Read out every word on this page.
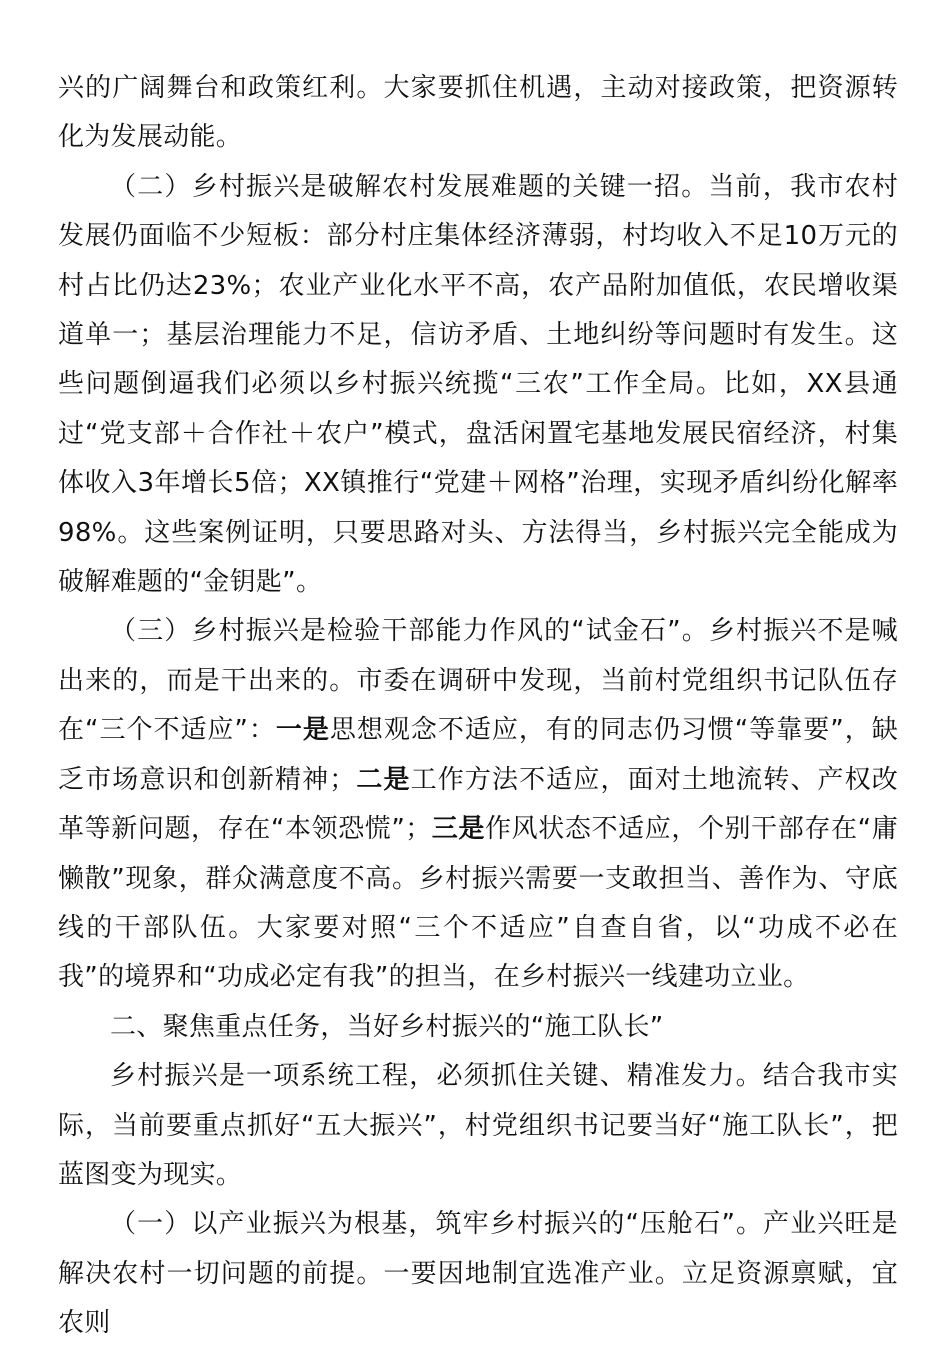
兴的广阔舞台和政策红利。大家要抓住机遇，主动对接政策，把资源转化为发展动能。

（二）乡村振兴是破解农村发展难题的关键一招。当前，我市农村发展仍面临不少短板：部分村庄集体经济薄弱，村均收入不足10万元的村占比仍达23%；农业产业化水平不高，农产品附加值低，农民增收渠道单一；基层治理能力不足，信访矛盾、土地纠纷等问题时有发生。这些问题倒逼我们必须以乡村振兴统揽“三农”工作全局。比如，XX县通过“党支部＋合作社＋农户”模式，盘活闲置宅基地发展民宿经济，村集体收入3年增长5倍；XX镇推行“党建＋网格”治理，实现矛盾纠纷化解率98%。这些案例证明，只要思路对头、方法得当，乡村振兴完全能成为破解难题的“金钥匙”。

（三）乡村振兴是检验干部能力作风的“试金石”。乡村振兴不是喊出来的，而是干出来的。市委在调研中发现，当前村党组织书记队伍存在“三个不适应”：一是思想观念不适应，有的同志仍习惯“等靠要”，缺乏市场意识和创新精神；二是工作方法不适应，面对土地流转、产权改革等新问题，存在“本领恐慌”；三是作风状态不适应，个别干部存在“庸懒散”现象，群众满意度不高。乡村振兴需要一支敢担当、善作为、守底线的干部队伍。大家要对照“三个不适应”自查自省，以“功成不必在我”的境界和“功成必定有我”的担当，在乡村振兴一线建功立业。

二、聚焦重点任务，当好乡村振兴的“施工队长”

乡村振兴是一项系统工程，必须抓住关键、精准发力。结合我市实际，当前要重点抓好“五大振兴”，村党组织书记要当好“施工队长”，把蓝图变为现实。

（一）以产业振兴为根基，筑牢乡村振兴的“压舱石”。产业兴旺是解决农村一切问题的前提。一要因地制宜选准产业。立足资源禀赋，宜农则
